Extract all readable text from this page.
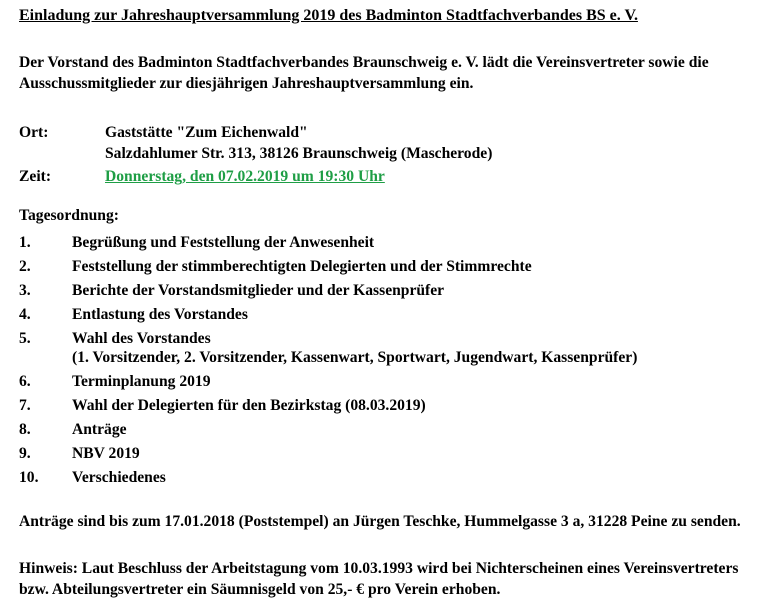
Einladung zur Jahreshauptversammlung 2019 des Badminton Stadtfachverbandes BS e. V.
Der Vorstand des Badminton Stadtfachverbandes Braunschweig e. V. lädt die Vereinsvertreter sowie die Ausschussmitglieder zur diesjährigen Jahreshauptversammlung ein.
Ort:	Gaststätte "Zum Eichenwald"
Salzdahlumer Str. 313, 38126 Braunschweig (Mascherode)
Zeit:	Donnerstag, den 07.02.2019 um 19:30 Uhr
Tagesordnung:
1.	Begrüßung und Feststellung der Anwesenheit
2.	Feststellung der stimmberechtigten Delegierten und der Stimmrechte
3.	Berichte der Vorstandsmitglieder und der Kassenprüfer
4.	Entlastung des Vorstandes
5.	Wahl des Vorstandes
(1. Vorsitzender, 2. Vorsitzender, Kassenwart, Sportwart, Jugendwart, Kassenprüfer)
6.	Terminplanung 2019
7.	Wahl der Delegierten für den Bezirkstag (08.03.2019)
8.	Anträge
9.	NBV 2019
10. Verschiedenes
Anträge sind bis zum 17.01.2018 (Poststempel) an Jürgen Teschke, Hummelgasse 3 a, 31228 Peine zu senden.
Hinweis: Laut Beschluss der Arbeitstagung vom 10.03.1993 wird bei Nichterscheinen eines Vereinsvertreters bzw. Abteilungsvertreter ein Säumnisgeld von 25,- € pro Verein erhoben.
